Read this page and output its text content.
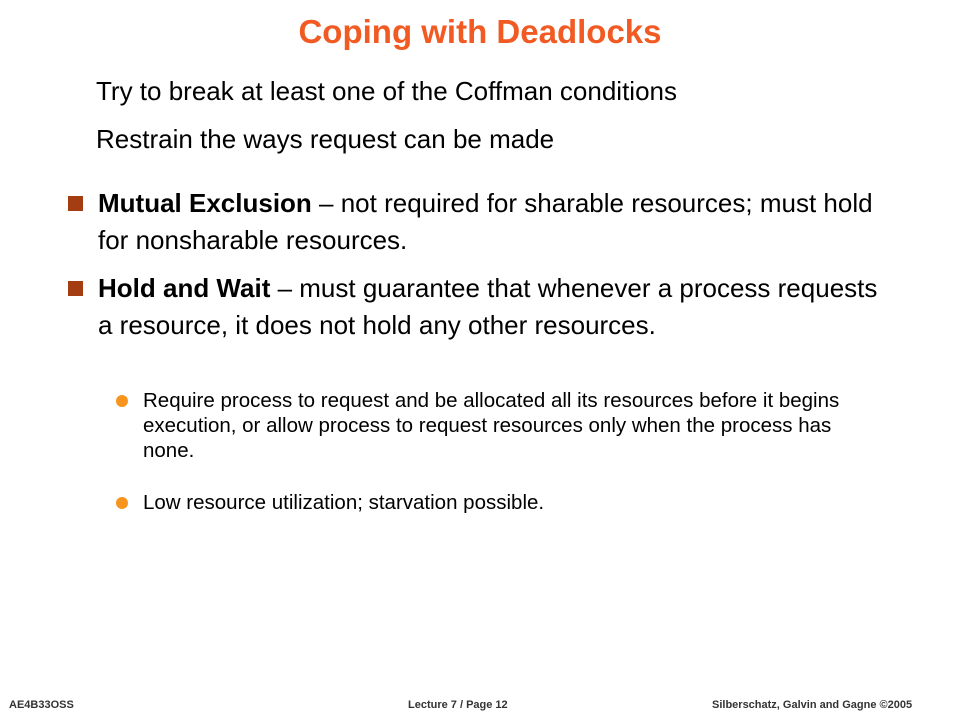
Coping with Deadlocks
Try to break at least one of the Coffman conditions
Restrain the ways request can be made
Mutual Exclusion – not required for sharable resources; must hold for nonsharable resources.
Hold and Wait – must guarantee that whenever a process requests a resource, it does not hold any other resources.
Require process to request and be allocated all its resources before it begins execution, or allow process to request resources only when the process has none.
Low resource utilization; starvation possible.
AE4B33OSS	Lecture 7 / Page 12	Silberschatz, Galvin and Gagne ©2005
